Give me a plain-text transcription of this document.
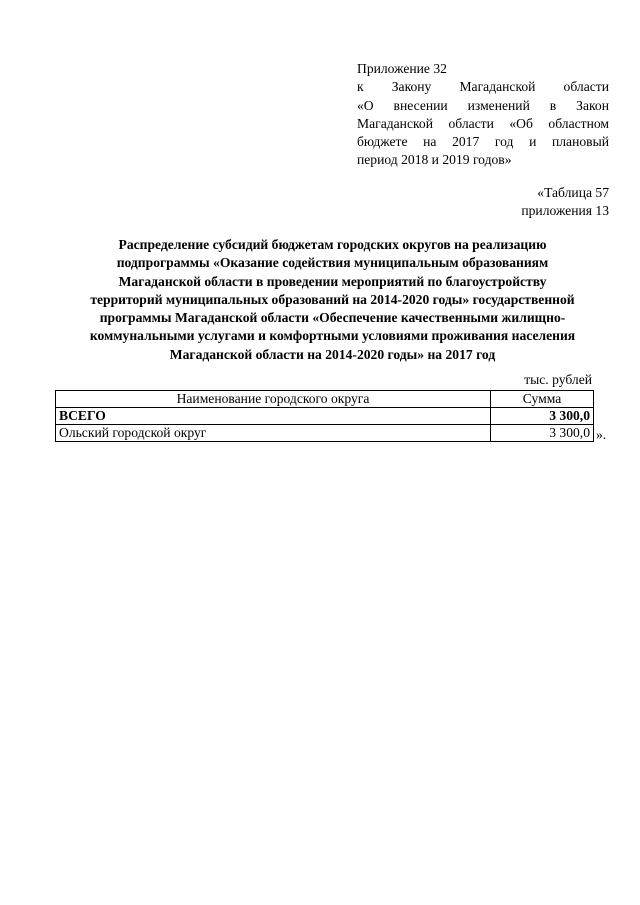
Приложение 32
к Закону Магаданской области
«О внесении изменений в Закон
Магаданской области «Об областном
бюджете на 2017 год и плановый
период 2018 и 2019 годов»
«Таблица 57
приложения 13
Распределение субсидий бюджетам городских округов на реализацию
подпрограммы «Оказание содействия муниципальным образованиям
Магаданской области в проведении мероприятий по благоустройству
территорий муниципальных образований на 2014-2020 годы» государственной
программы Магаданской области «Обеспечение качественными жилищно-
коммунальными услугами и комфортными условиями проживания населения
Магаданской области на 2014-2020 годы» на 2017 год
тыс. рублей
Наименование городского округа	Сумма
ВСЕГО	3 300,0
Ольский городской округ	3 300,0 ».
